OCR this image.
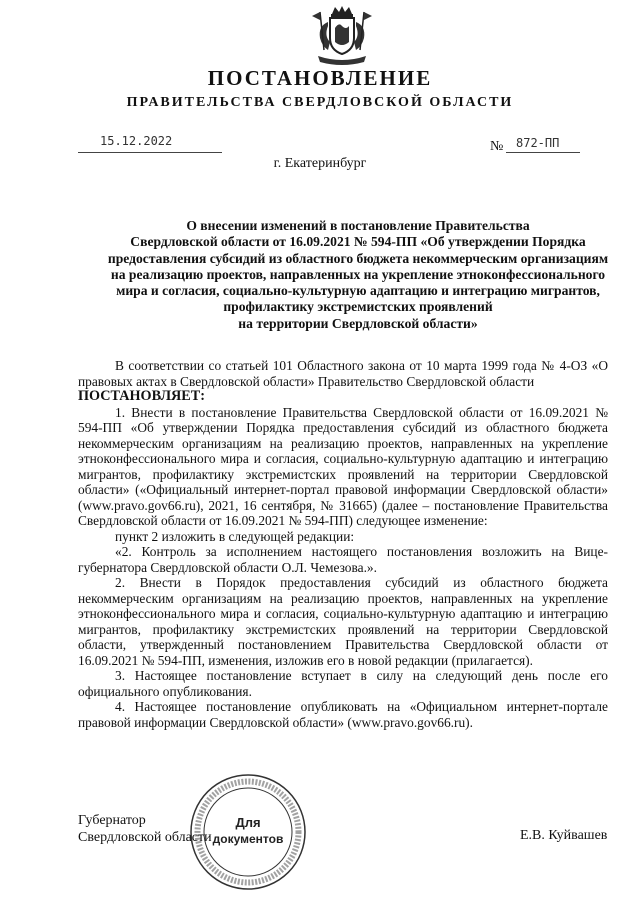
ПОСТАНОВЛЕНИЕ
ПРАВИТЕЛЬСТВА СВЕРДЛОВСКОЙ ОБЛАСТИ
15.12.2022	№ 872-ПП
г. Екатеринбург
О внесении изменений в постановление Правительства
Свердловской области от 16.09.2021 № 594-ПП «Об утверждении Порядка
предоставления субсидий из областного бюджета некоммерческим организациям
на реализацию проектов, направленных на укрепление этноконфессионального
мира и согласия, социально-культурную адаптацию и интеграцию мигрантов,
профилактику экстремистских проявлений
на территории Свердловской области»

В соответствии со статьей 101 Областного закона от 10 марта 1999 года № 4-ОЗ «О правовых актах в Свердловской области» Правительство Свердловской области

ПОСТАНОВЛЯЕТ:

1. Внести в постановление Правительства Свердловской области от 16.09.2021 № 594-ПП «Об утверждении Порядка предоставления субсидий из областного бюджета некоммерческим организациям на реализацию проектов, направленных на укрепление этноконфессионального мира и согласия, социально-культурную адаптацию и интеграцию мигрантов, профилактику экстремистских проявлений на территории Свердловской области» («Официальный интернет-портал правовой информации Свердловской области» (www.pravo.gov66.ru), 2021, 16 сентября, № 31665) (далее – постановление Правительства Свердловской области от 16.09.2021 № 594-ПП) следующее изменение:

пункт 2 изложить в следующей редакции:

«2. Контроль за исполнением настоящего постановления возложить на Вице-губернатора Свердловской области О.Л. Чемезова.».

2. Внести в Порядок предоставления субсидий из областного бюджета некоммерческим организациям на реализацию проектов, направленных на укрепление этноконфессионального мира и согласия, социально-культурную адаптацию и интеграцию мигрантов, профилактику экстремистских проявлений на территории Свердловской области, утвержденный постановлением Правительства Свердловской области от 16.09.2021 № 594-ПП, изменения, изложив его в новой редакции (прилагается).

3. Настоящее постановление вступает в силу на следующий день после его официального опубликования.

4. Настоящее постановление опубликовать на «Официальном интернет-портале правовой информации Свердловской области» (www.pravo.gov66.ru).

Губернатор
Свердловской области	Е.В. Куйвашев
Для
документов
